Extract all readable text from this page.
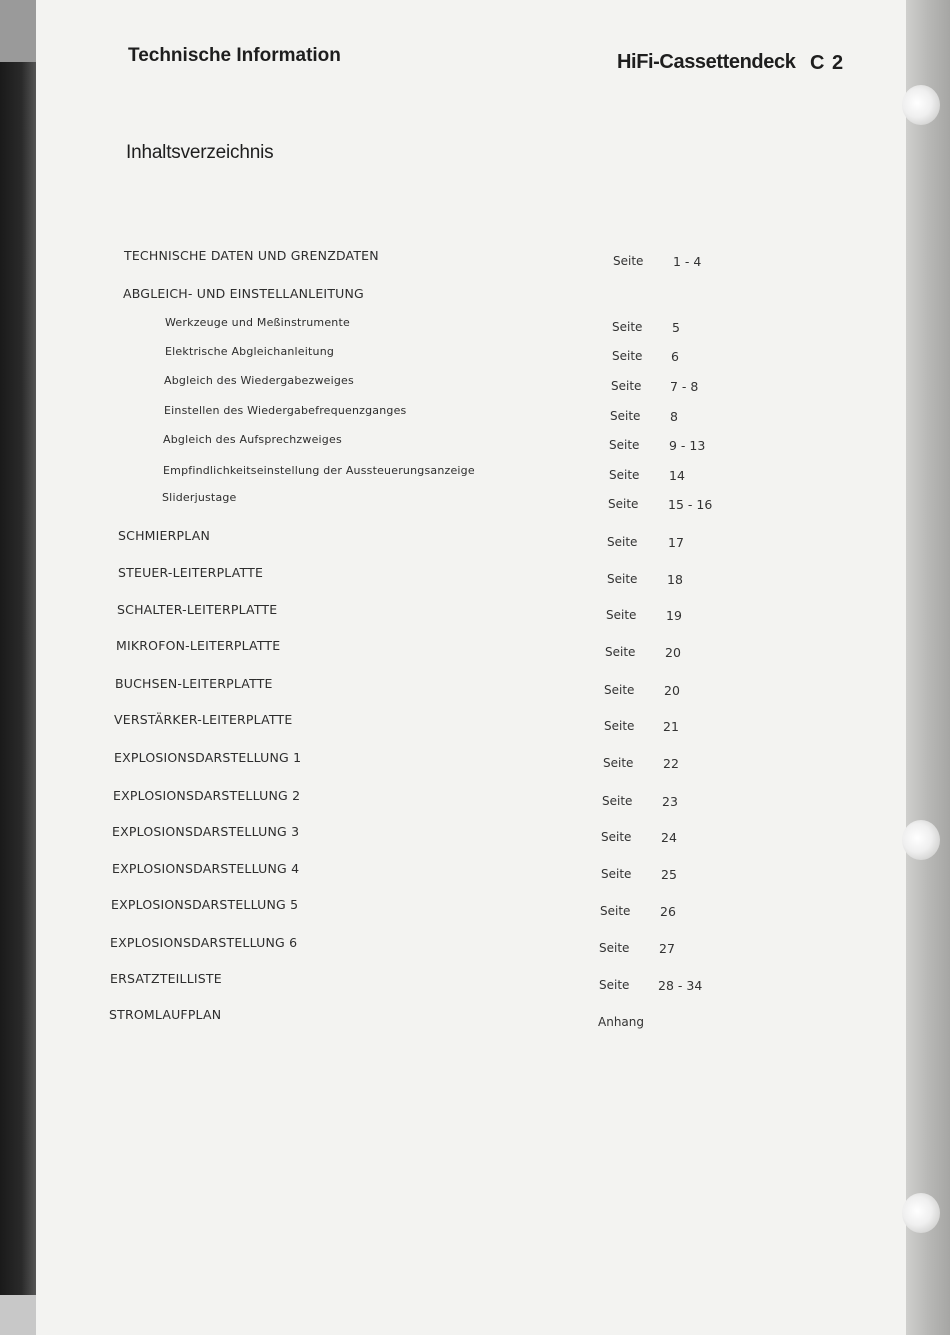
Technische Information	HiFi-Cassettendeck C 2
Inhaltsverzeichnis
TECHNISCHE DATEN UND GRENZDATEN	Seite 1 - 4
ABGLEICH- UND EINSTELLANLEITUNG
Werkzeuge und Meßinstrumente	Seite 5
Elektrische Abgleichanleitung	Seite 6
Abgleich des Wiedergabezweiges	Seite 7 - 8
Einstellen des Wiedergabefrequenzganges	Seite 8
Abgleich des Aufsprechzweiges	Seite 9 - 13
Empfindlichkeitseinstellung der Aussteuerungsanzeige	Seite 14
Sliderjustage	Seite 15 - 16
SCHMIERPLAN	Seite 17
STEUER-LEITERPLATTE	Seite 18
SCHALTER-LEITERPLATTE	Seite 19
MIKROFON-LEITERPLATTE	Seite 20
BUCHSEN-LEITERPLATTE	Seite 20
VERSTÄRKER-LEITERPLATTE	Seite 21
EXPLOSIONSDARSTELLUNG 1	Seite 22
EXPLOSIONSDARSTELLUNG 2	Seite 23
EXPLOSIONSDARSTELLUNG 3	Seite 24
EXPLOSIONSDARSTELLUNG 4	Seite 25
EXPLOSIONSDARSTELLUNG 5	Seite 26
EXPLOSIONSDARSTELLUNG 6	Seite 27
ERSATZTEILLISTE	Seite 28 - 34
STROMLAUFPLAN	Anhang
